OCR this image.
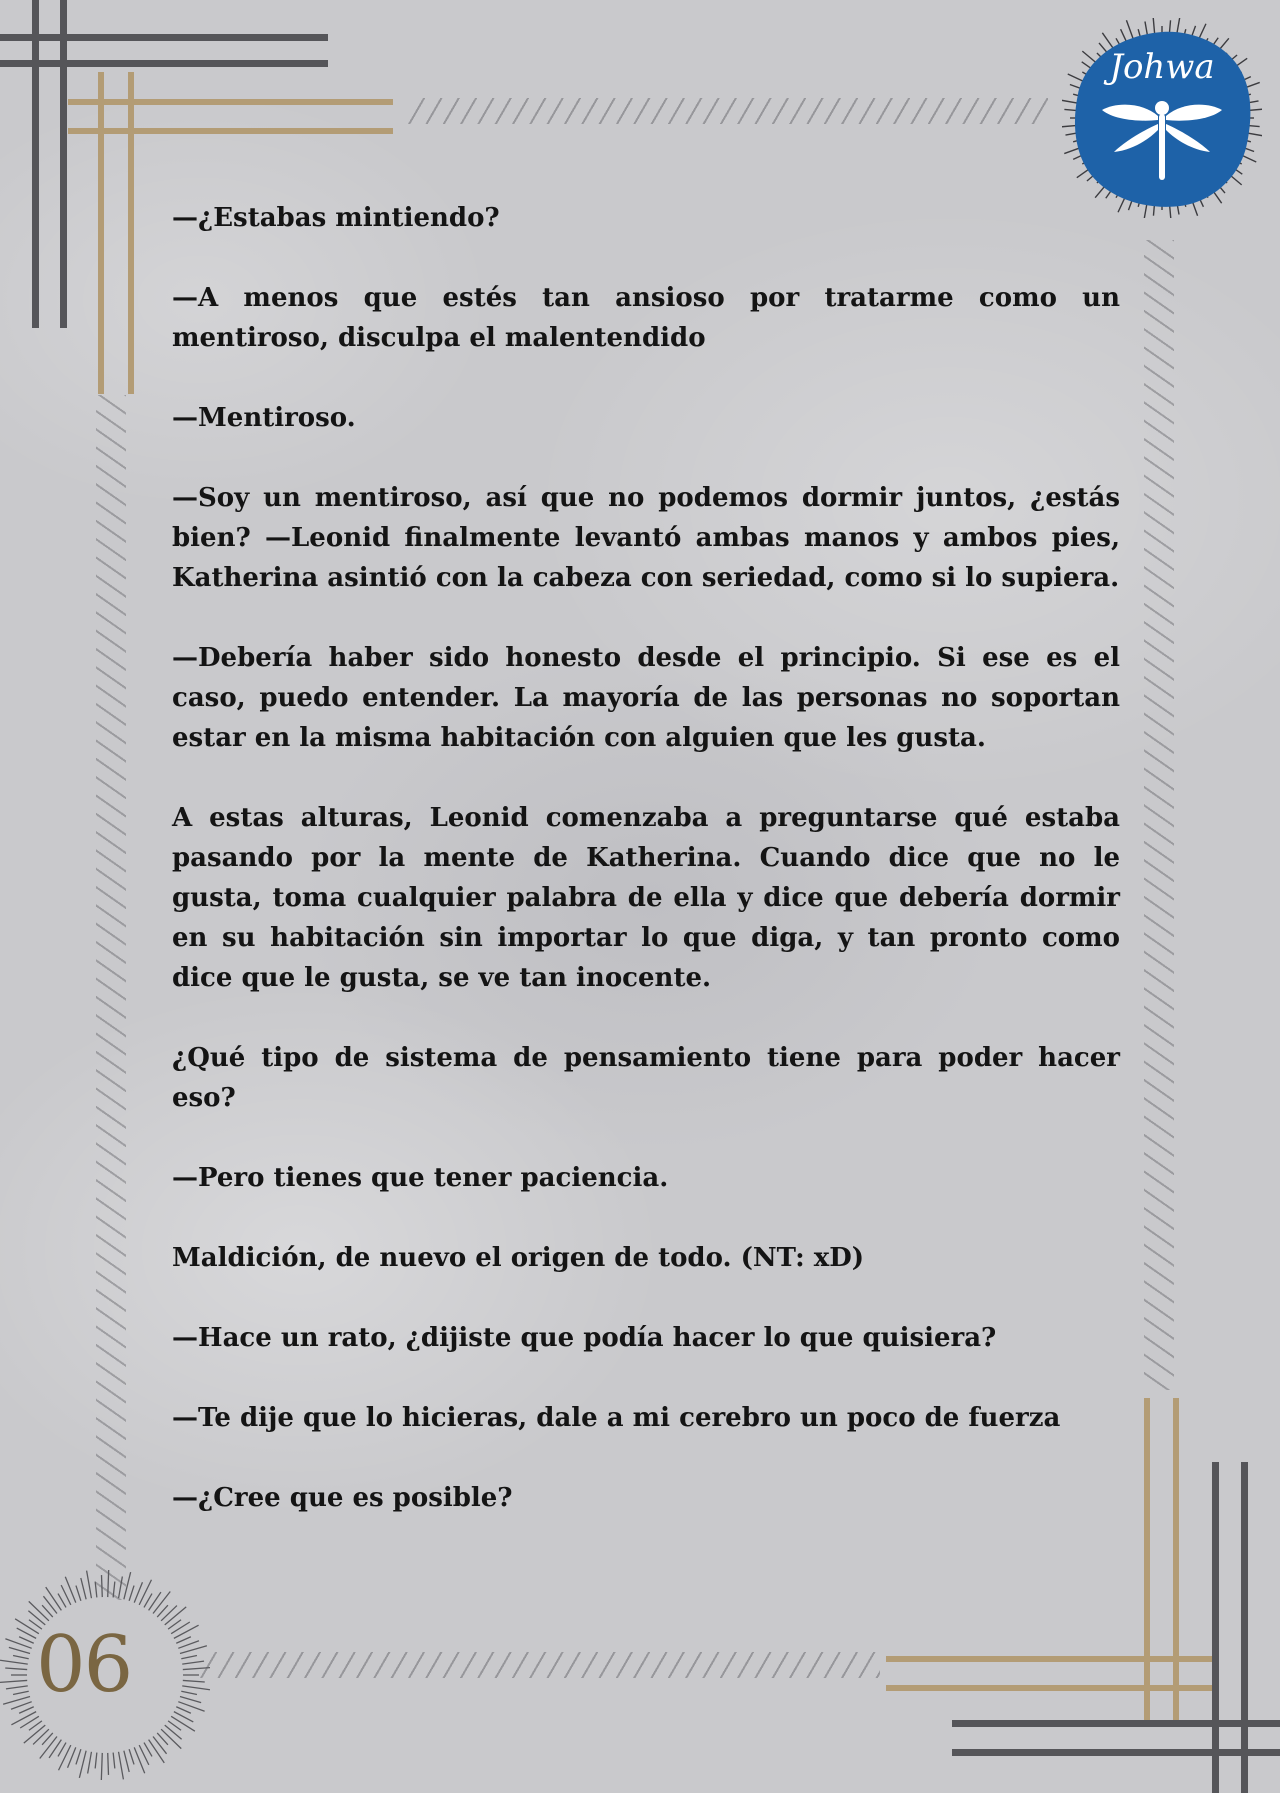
Johwa
06

—¿Estabas mintiendo?

—A menos que estés tan ansioso por tratarme como un mentiroso, disculpa el malentendido

—Mentiroso.

—Soy un mentiroso, así que no podemos dormir juntos, ¿estás bien? —Leonid finalmente levantó ambas manos y ambos pies, Katherina asintió con la cabeza con seriedad, como si lo supiera.

—Debería haber sido honesto desde el principio. Si ese es el caso, puedo entender. La mayoría de las personas no soportan estar en la misma habitación con alguien que les gusta.

A estas alturas, Leonid comenzaba a preguntarse qué estaba pasando por la mente de Katherina. Cuando dice que no le gusta, toma cualquier palabra de ella y dice que debería dormir en su habitación sin importar lo que diga, y tan pronto como dice que le gusta, se ve tan inocente.

¿Qué tipo de sistema de pensamiento tiene para poder hacer eso?

—Pero tienes que tener paciencia.

Maldición, de nuevo el origen de todo. (NT: xD)

—Hace un rato, ¿dijiste que podía hacer lo que quisiera?

—Te dije que lo hicieras, dale a mi cerebro un poco de fuerza

—¿Cree que es posible?
